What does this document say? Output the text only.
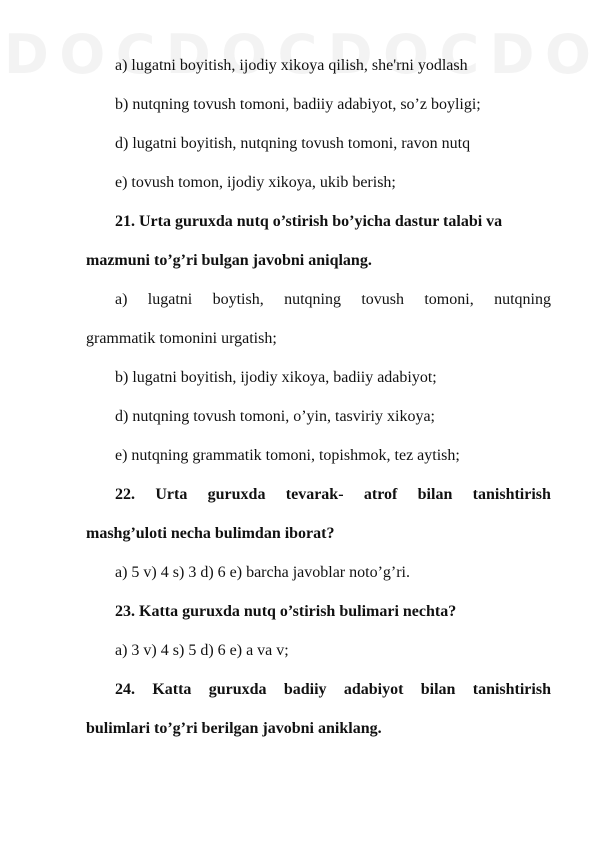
D O C D O C D O C D O
a) lugatni boyitish, ijodiy xikoya qilish, she'rni yodlash
b) nutqning tovush tomoni, badiiy adabiyot, so’z boyligi;
d) lugatni boyitish, nutqning tovush tomoni, ravon nutq
e) tovush tomon, ijodiy xikoya, ukib berish;
21. Urta guruxda nutq o’stirish bo’yicha dastur talabi va
mazmuni to’g’ri bulgan javobni aniqlang.
a) lugatni boytish, nutqning tovush tomoni, nutqning
grammatik tomonini urgatish;
b) lugatni boyitish, ijodiy xikoya, badiiy adabiyot;
d) nutqning tovush tomoni, o’yin, tasviriy xikoya;
e) nutqning grammatik tomoni, topishmok, tez aytish;
22. Urta guruxda tevarak- atrof bilan tanishtirish
mashg’uloti necha bulimdan iborat?
a) 5 v) 4 s) 3 d) 6 e) barcha javoblar noto’g’ri.
23. Katta guruxda nutq o’stirish bulimari nechta?
a) 3 v) 4 s) 5 d) 6 e) a va v;
24. Katta guruxda badiiy adabiyot bilan tanishtirish
bulimlari to’g’ri berilgan javobni aniklang.
